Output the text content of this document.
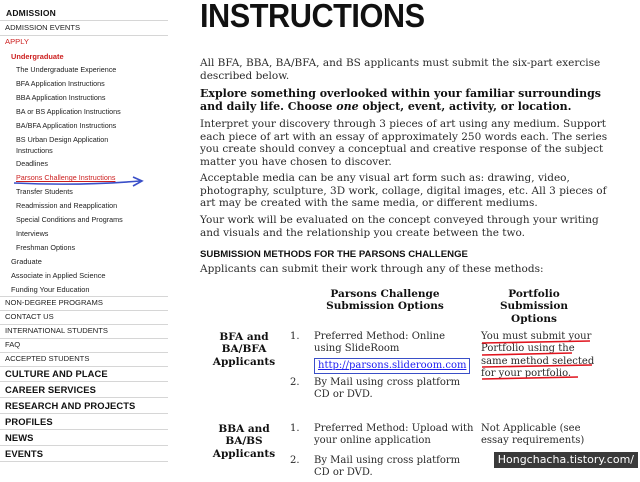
ADMISSION
ADMISSION EVENTS
APPLY
Undergraduate
The Undergraduate Experience
BFA Application Instructions
BBA Application Instructions
BA or BS Application Instructions
BA/BFA Application Instructions
BS Urban Design Application
Instructions
Deadlines
Parsons Challenge Instructions
Transfer Students
Readmission and Reapplication
Special Conditions and Programs
Interviews
Freshman Options
Graduate
Associate in Applied Science
Funding Your Education
NON-DEGREE PROGRAMS
CONTACT US
INTERNATIONAL STUDENTS
FAQ
ACCEPTED STUDENTS
CULTURE AND PLACE
CAREER SERVICES
RESEARCH AND PROJECTS
PROFILES
NEWS
EVENTS
INSTRUCTIONS

All BFA, BBA, BA/BFA, and BS applicants must submit the six-part exercise described below.

Explore something overlooked within your familiar surroundings and daily life. Choose one object, event, activity, or location.

Interpret your discovery through 3 pieces of art using any medium. Support each piece of art with an essay of approximately 250 words each. The series you create should convey a conceptual and creative response of the subject matter you have chosen to discover.

Acceptable media can be any visual art form such as: drawing, video, photography, sculpture, 3D work, collage, digital images, etc. All 3 pieces of art may be created with the same media, or different mediums.

Your work will be evaluated on the concept conveyed through your writing and visuals and the relationship you create between the two.

SUBMISSION METHODS FOR THE PARSONS CHALLENGE

Applicants can submit their work through any of these methods:

Parsons Challenge Submission Options
Portfolio Submission Options
BFA and BA/BFA Applicants
1. Preferred Method: Online using SlideRoom
http://parsons.slideroom.com
2. By Mail using cross platform CD or DVD.
You must submit your Portfolio using the same method selected for your portfolio.
BBA and BA/BS Applicants
1. Preferred Method: Upload with your online application
2. By Mail using cross platform CD or DVD.
Not Applicable (see essay requirements)
Hongchacha.tistory.com/
